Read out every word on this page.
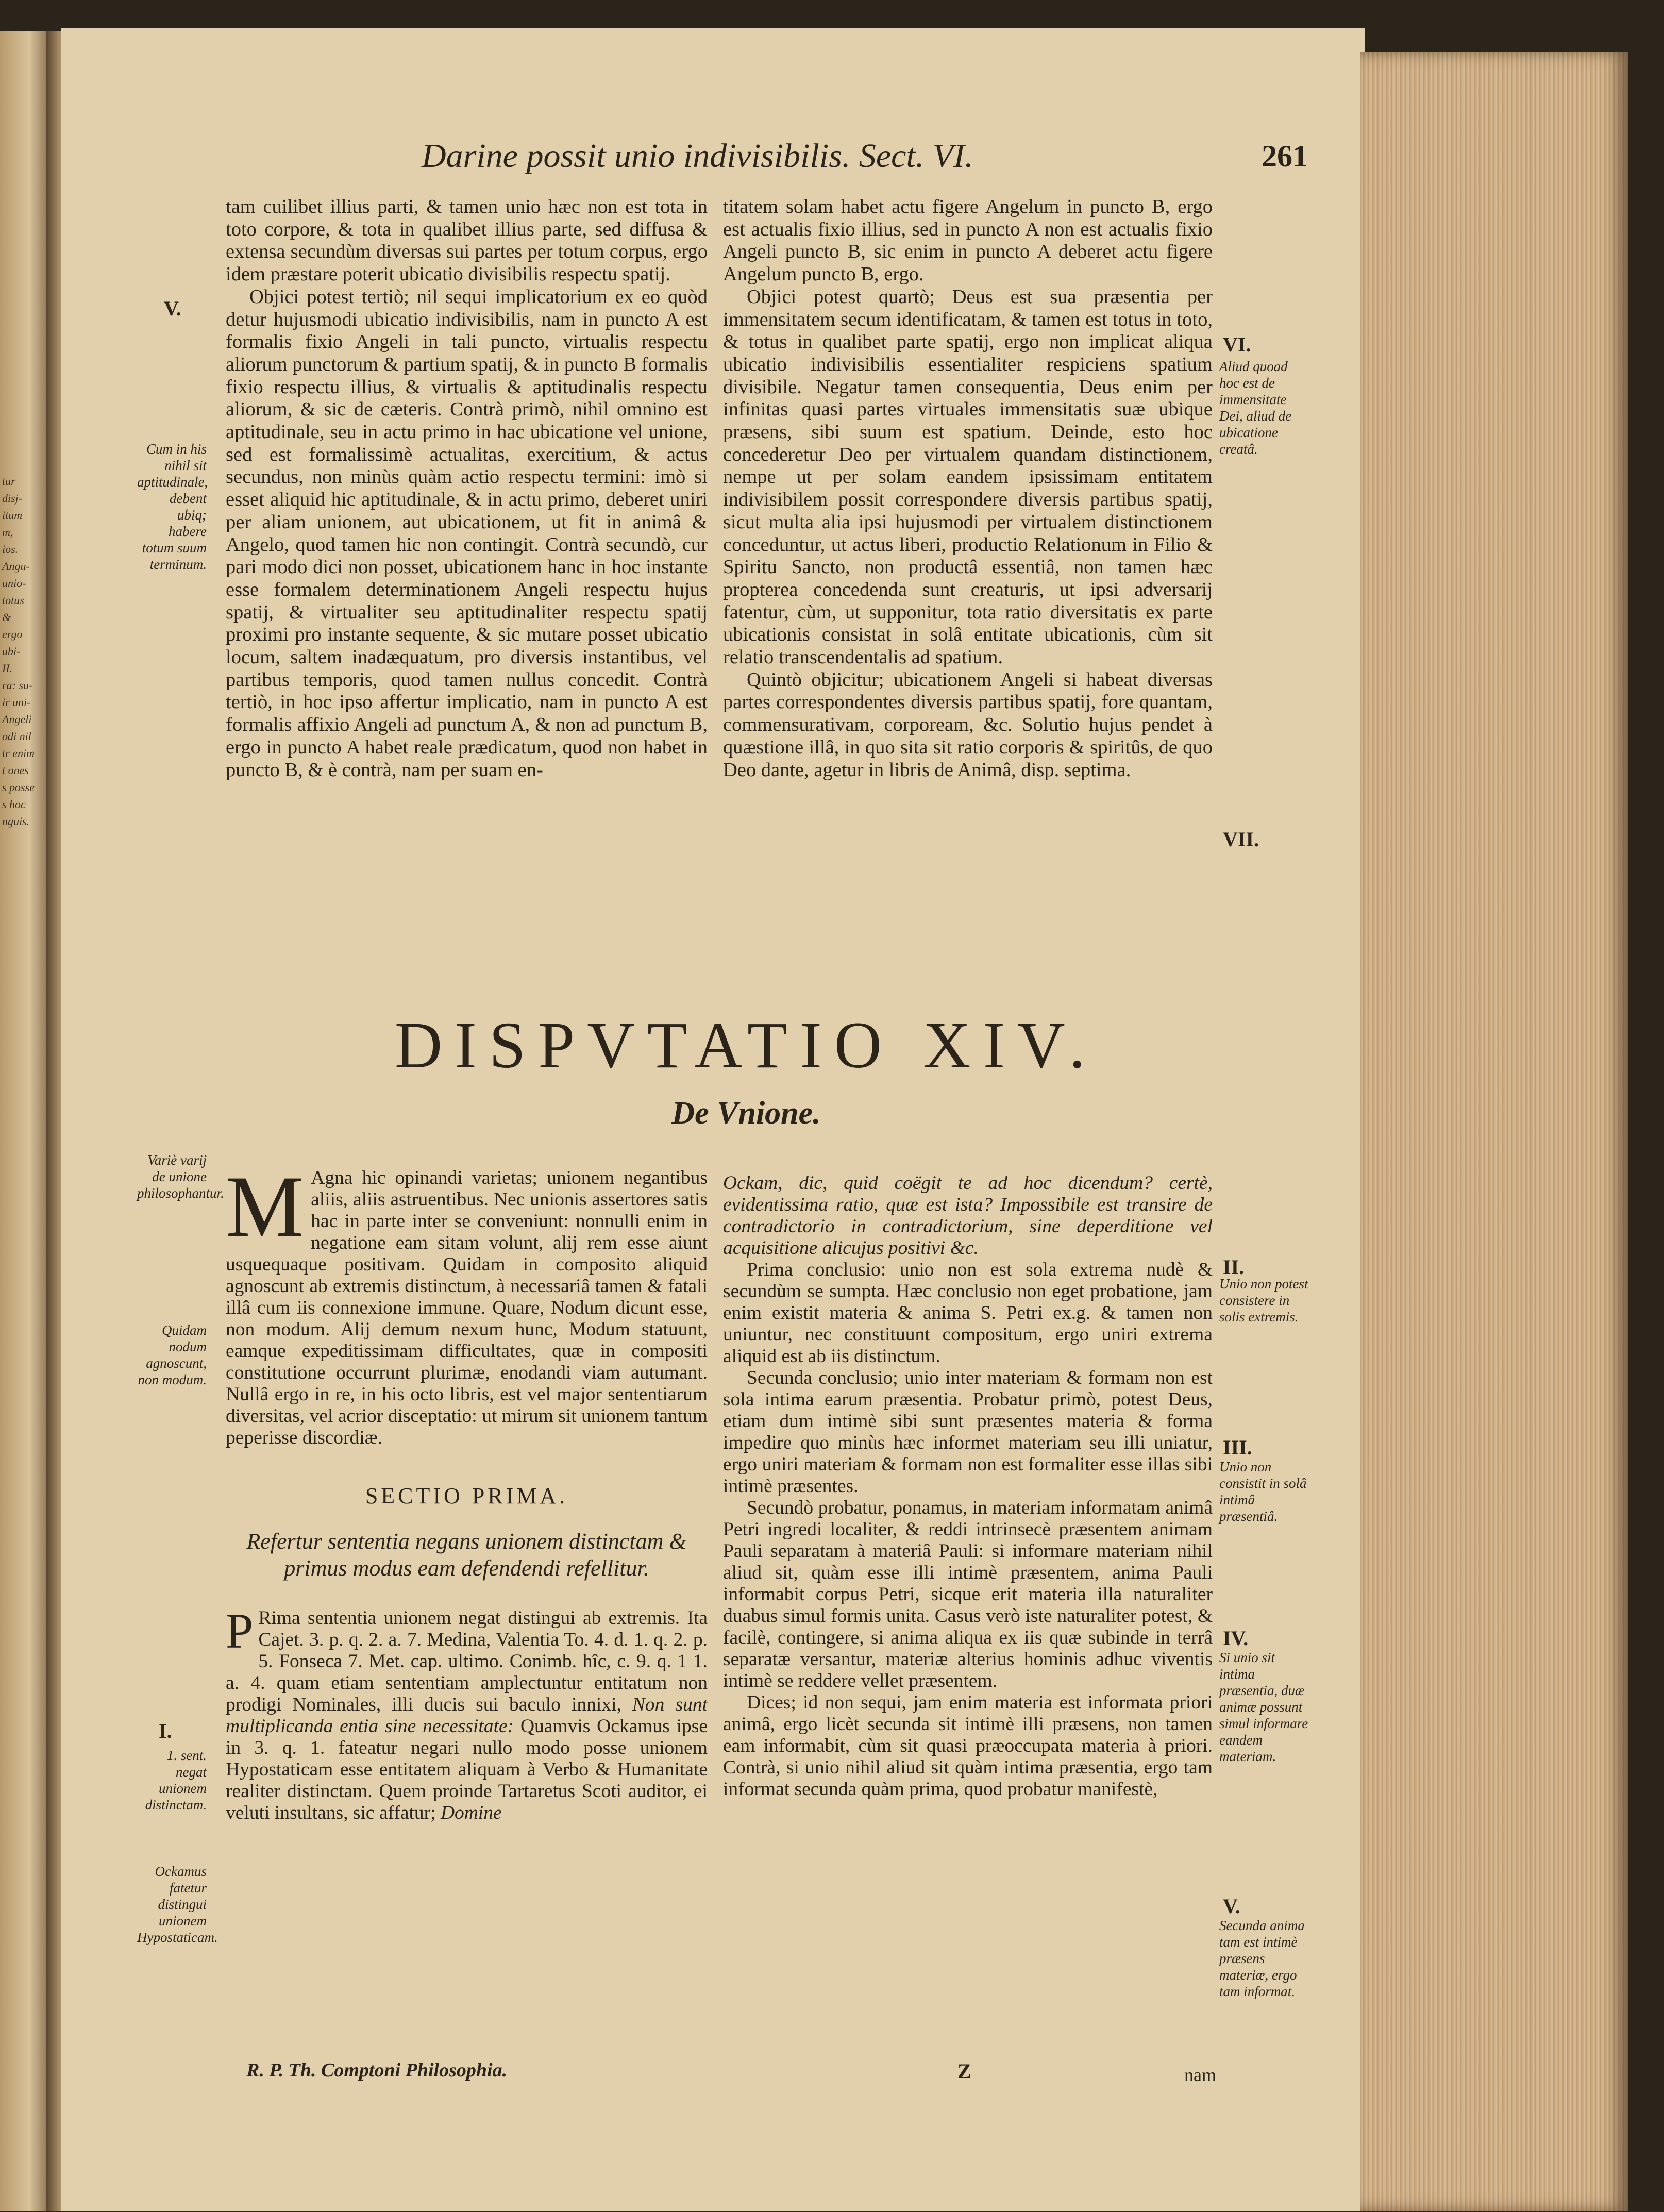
tur
disj-
itum
m,
ios.
Angu-
unio-
totus
&
ergo
ubi-
II.
ra: su-
ir uni-
Angeli
odi nil
tr enim
t ones
s posse
s hoc
nguis.
Darine possit unio indivisibilis. Sect. VI.	261

tam cuilibet illius parti, & tamen unio hæc non est tota in toto corpore, & tota in qualibet illius parte, sed diffusa & extensa secundùm diversas sui partes per totum corpus, ergo idem præstare poterit ubicatio divisibilis respectu spatij.

Objici potest tertiò; nil sequi implicatorium ex eo quòd detur hujusmodi ubicatio indivisibilis, nam in puncto A est formalis fixio Angeli in tali puncto, virtualis respectu aliorum punctorum & partium spatij, & in puncto B formalis fixio respectu illius, & virtualis & aptitudinalis respectu aliorum, & sic de cæteris. Contrà primò, nihil omnino est aptitudinale, seu in actu primo in hac ubicatione vel unione, sed est formalissimè actualitas, exercitium, & actus secundus, non minùs quàm actio respectu termini: imò si esset aliquid hic aptitudinale, & in actu primo, deberet uniri per aliam unionem, aut ubicationem, ut fit in animâ & Angelo, quod tamen hic non contingit. Contrà secundò, cur pari modo dici non posset, ubicationem hanc in hoc instante esse formalem determinationem Angeli respectu hujus spatij, & virtualiter seu aptitudinaliter respectu spatij proximi pro instante sequente, & sic mutare posset ubicatio locum, saltem inadæquatum, pro diversis instantibus, vel partibus temporis, quod tamen nullus concedit. Contrà tertiò, in hoc ipso affertur implicatio, nam in puncto A est formalis affixio Angeli ad punctum A, & non ad punctum B, ergo in puncto A habet reale prædicatum, quod non habet in puncto B, & è contrà, nam per suam en-

titatem solam habet actu figere Angelum in puncto B, ergo est actualis fixio illius, sed in puncto A non est actualis fixio Angeli puncto B, sic enim in puncto A deberet actu figere Angelum puncto B, ergo.

Objici potest quartò; Deus est sua præsentia per immensitatem secum identificatam, & tamen est totus in toto, & totus in qualibet parte spatij, ergo non implicat aliqua ubicatio indivisibilis essentialiter respiciens spatium divisibile. Negatur tamen consequentia, Deus enim per infinitas quasi partes virtuales immensitatis suæ ubique præsens, sibi suum est spatium. Deinde, esto hoc concederetur Deo per virtualem quandam distinctionem, nempe ut per solam eandem ipsissimam entitatem indivisibilem possit correspondere diversis partibus spatij, sicut multa alia ipsi hujusmodi per virtualem distinctionem conceduntur, ut actus liberi, productio Relationum in Filio & Spiritu Sancto, non productâ essentiâ, non tamen hæc propterea concedenda sunt creaturis, ut ipsi adversarij fatentur, cùm, ut supponitur, tota ratio diversitatis ex parte ubicationis consistat in solâ entitate ubicationis, cùm sit relatio transcendentalis ad spatium.

Quintò objicitur; ubicationem Angeli si habeat diversas partes correspondentes diversis partibus spatij, fore quantam, commensurativam, corpoream, &c. Solutio hujus pendet à quæstione illâ, in quo sita sit ratio corporis & spiritûs, de quo Deo dante, agetur in libris de Animâ, disp. septima.

V.
Cum in his nihil sit aptitudinale, debent ubiq; habere totum suum terminum.
VI.
Aliud quoad hoc est de immensitate Dei, aliud de ubicatione creatâ.
VII.
DISPVTATIO XIV.
De Vnione.
M Agna hic opinandi varietas; unionem negantibus aliis, aliis astruentibus. Nec unionis assertores satis hac in parte inter se conveniunt: nonnulli enim in negatione eam sitam volunt, alij rem esse aiunt usquequaque positivam. Quidam in composito aliquid agnoscunt ab extremis distinctum, à necessariâ tamen & fatali illâ cum iis connexione immune. Quare, Nodum dicunt esse, non modum. Alij demum nexum hunc, Modum statuunt, eamque expeditissimam difficultates, quæ in compositi constitutione occurrunt plurimæ, enodandi viam autumant. Nullâ ergo in re, in his octo libris, est vel major sententiarum diversitas, vel acrior disceptatio: ut mirum sit unionem tantum peperisse discordiæ.
SECTIO PRIMA.
Refertur sententia negans unionem distinctam & primus modus eam defendendi refellitur.
P Rima sententia unionem negat distingui ab extremis. Ita Cajet. 3. p. q. 2. a. 7. Medina, Valentia To. 4. d. 1. q. 2. p. 5. Fonseca 7. Met. cap. ultimo. Conimb. hîc, c. 9. q. 1 1. a. 4. quam etiam sententiam amplectuntur entitatum non prodigi Nominales, illi ducis sui baculo innixi, Non sunt multiplicanda entia sine necessitate: Quamvis Ockamus ipse in 3. q. 1. fateatur negari nullo modo posse unionem Hypostaticam esse entitatem aliquam à Verbo & Humanitate realiter distinctam. Quem proinde Tartaretus Scoti auditor, ei veluti insultans, sic affatur; Domine

Ockam, dic, quid coëgit te ad hoc dicendum? certè, evidentissima ratio, quæ est ista? Impossibile est transire de contradictorio in contradictorium, sine deperditione vel acquisitione alicujus positivi &c.

Prima conclusio: unio non est sola extrema nudè & secundùm se sumpta. Hæc conclusio non eget probatione, jam enim existit materia & anima S. Petri ex.g. & tamen non uniuntur, nec constituunt compositum, ergo uniri extrema aliquid est ab iis distinctum.

Secunda conclusio; unio inter materiam & formam non est sola intima earum præsentia. Probatur primò, potest Deus, etiam dum intimè sibi sunt præsentes materia & forma impedire quo minùs hæc informet materiam seu illi uniatur, ergo uniri materiam & formam non est formaliter esse illas sibi intimè præsentes.

Secundò probatur, ponamus, in materiam informatam animâ Petri ingredi localiter, & reddi intrinsecè præsentem animam Pauli separatam à materiâ Pauli: si informare materiam nihil aliud sit, quàm esse illi intimè præsentem, anima Pauli informabit corpus Petri, sicque erit materia illa naturaliter duabus simul formis unita. Casus verò iste naturaliter potest, & facilè, contingere, si anima aliqua ex iis quæ subinde in terrâ separatæ versantur, materiæ alterius hominis adhuc viventis intimè se reddere vellet præsentem.

Dices; id non sequi, jam enim materia est informata priori animâ, ergo licèt secunda sit intimè illi præsens, non tamen eam informabit, cùm sit quasi præoccupata materia à priori. Contrà, si unio nihil aliud sit quàm intima præsentia, ergo tam informat secunda quàm prima, quod probatur manifestè,

Variè varij de unione philosophantur.
Quidam nodum agnoscunt, non modum.
I.
1. sent. negat unionem distinctam.
Ockamus fatetur distingui unionem Hypostaticam.
II.
Unio non potest consistere in solis extremis.
III.
Unio non consistit in solâ intimâ præsentiâ.
IV.
Si unio sit intima præsentia, duæ animæ possunt simul informare eandem materiam.
V.
Secunda anima tam est intimè præsens materiæ, ergo tam informat.
R. P. Th. Comptoni Philosophia.	Z	nam
